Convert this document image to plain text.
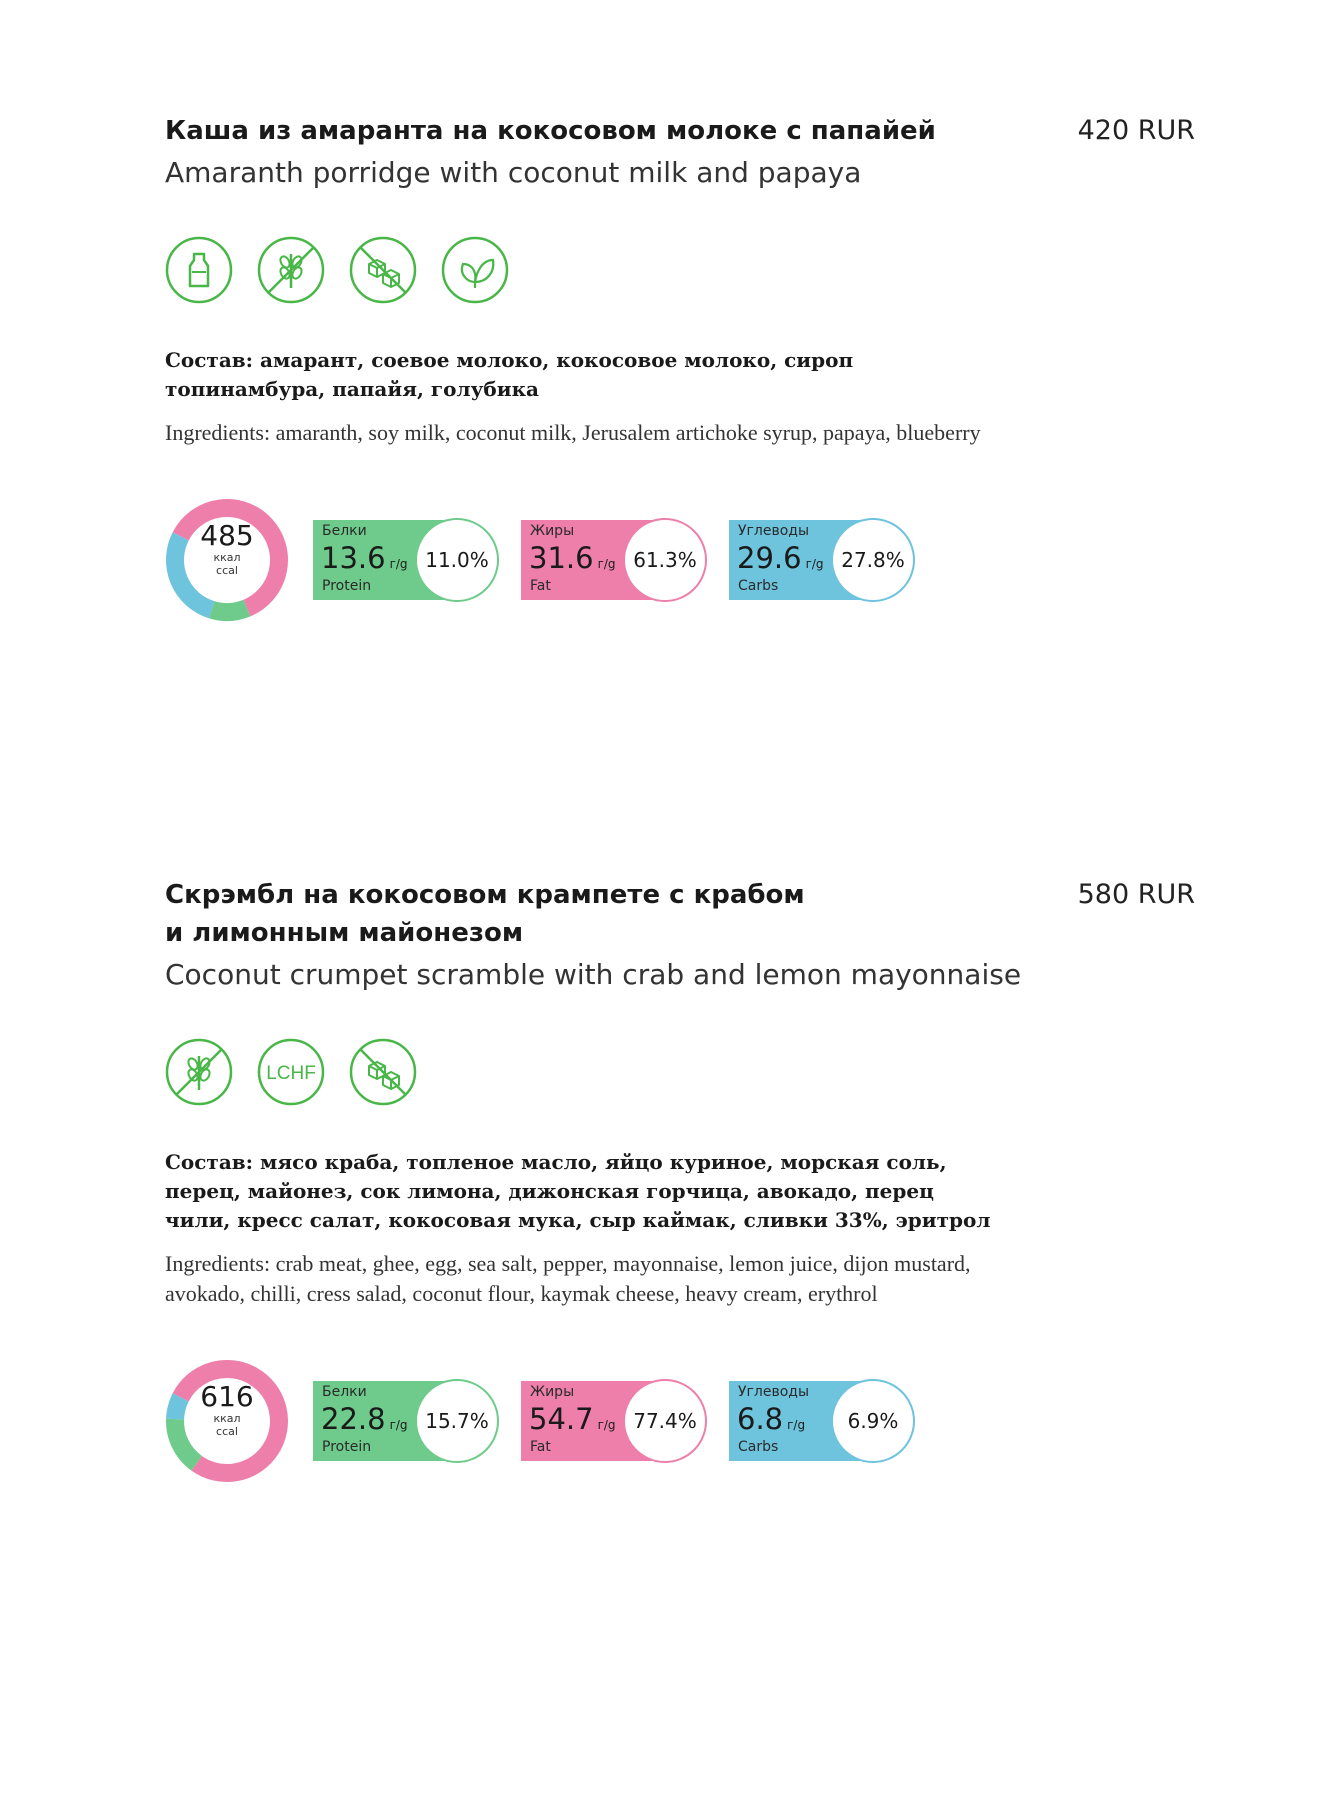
420 RUR
Каша из амаранта на кокосовом молоке с папайей
Amaranth porridge with coconut milk and papaya
Состав: амарант, соевое молоко, кокосовое молоко, сироп топинамбура, папайя, голубика
Ingredients: amaranth, soy milk, coconut milk, Jerusalem artichoke syrup, papaya, blueberry
485
ккал
ccal
Белки
13.6 г/g
Protein
11.0%
Жиры
31.6 г/g
Fat
61.3%
Углеводы
29.6 г/g
Carbs
27.8%
580 RUR
Скрэмбл на кокосовом крампете с крабом
и лимонным майонезом
Coconut crumpet scramble with crab and lemon mayonnaise
LCHF
Состав: мясо краба, топленое масло, яйцо куриное, морская соль, перец, майонез, сок лимона, дижонская горчица, авокадо, перец чили, кресс салат, кокосовая мука, сыр каймак, сливки 33%, эритрол
Ingredients: crab meat, ghee, egg, sea salt, pepper, mayonnaise, lemon juice, dijon mustard, avokado, chilli, cress salad, coconut flour, kaymak cheese, heavy cream, erythrol
616
ккал
ccal
Белки
22.8 г/g
Protein
15.7%
Жиры
54.7 г/g
Fat
77.4%
Углеводы
6.8 г/g
Carbs
6.9%
